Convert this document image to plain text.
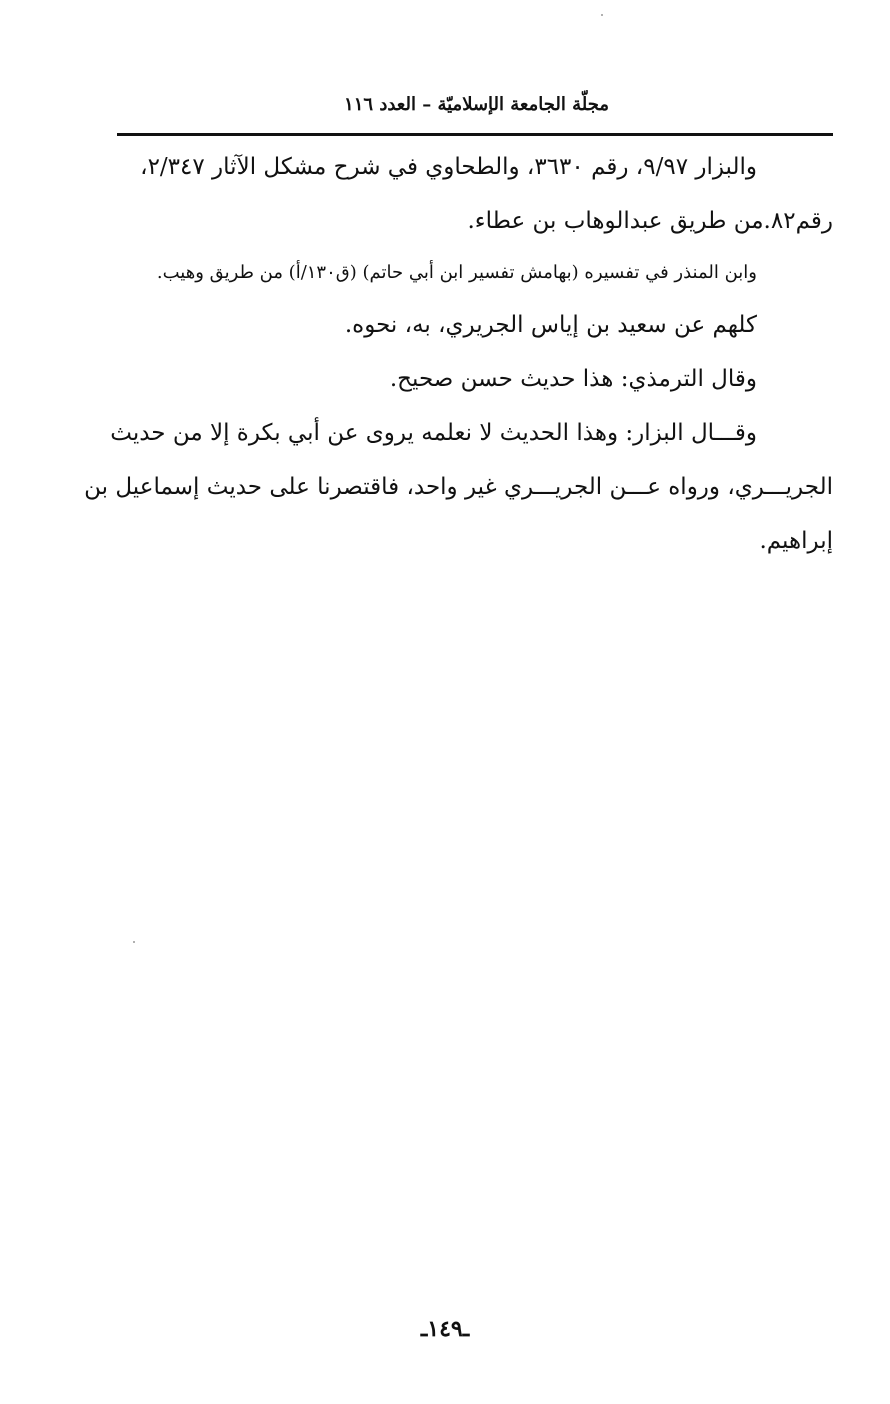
مجلّة الجامعة الإسلاميّة – العدد ١١٦

والبزار ٩/٩٧، رقم ٣٦٣٠، والطحاوي في شرح مشكل الآثار ٢/٣٤٧،

رقم٨٢.من طريق عبدالوهاب بن عطاء.

وابن المنذر في تفسيره (بهامش تفسير ابن أبي حاتم) (ق١٣٠/أ) من طريق وهيب.

كلهم عن سعيد بن إياس الجريري، به، نحوه.

وقال الترمذي: هذا حديث حسن صحيح.

وقـــال البزار: وهذا الحديث لا نعلمه يروى عن أبي بكرة إلا من حديث

الجريـــري، ورواه عـــن الجريـــري غير واحد، فاقتصرنا على حديث إسماعيل بن

إبراهيم.

ـ١٤٩ـ
